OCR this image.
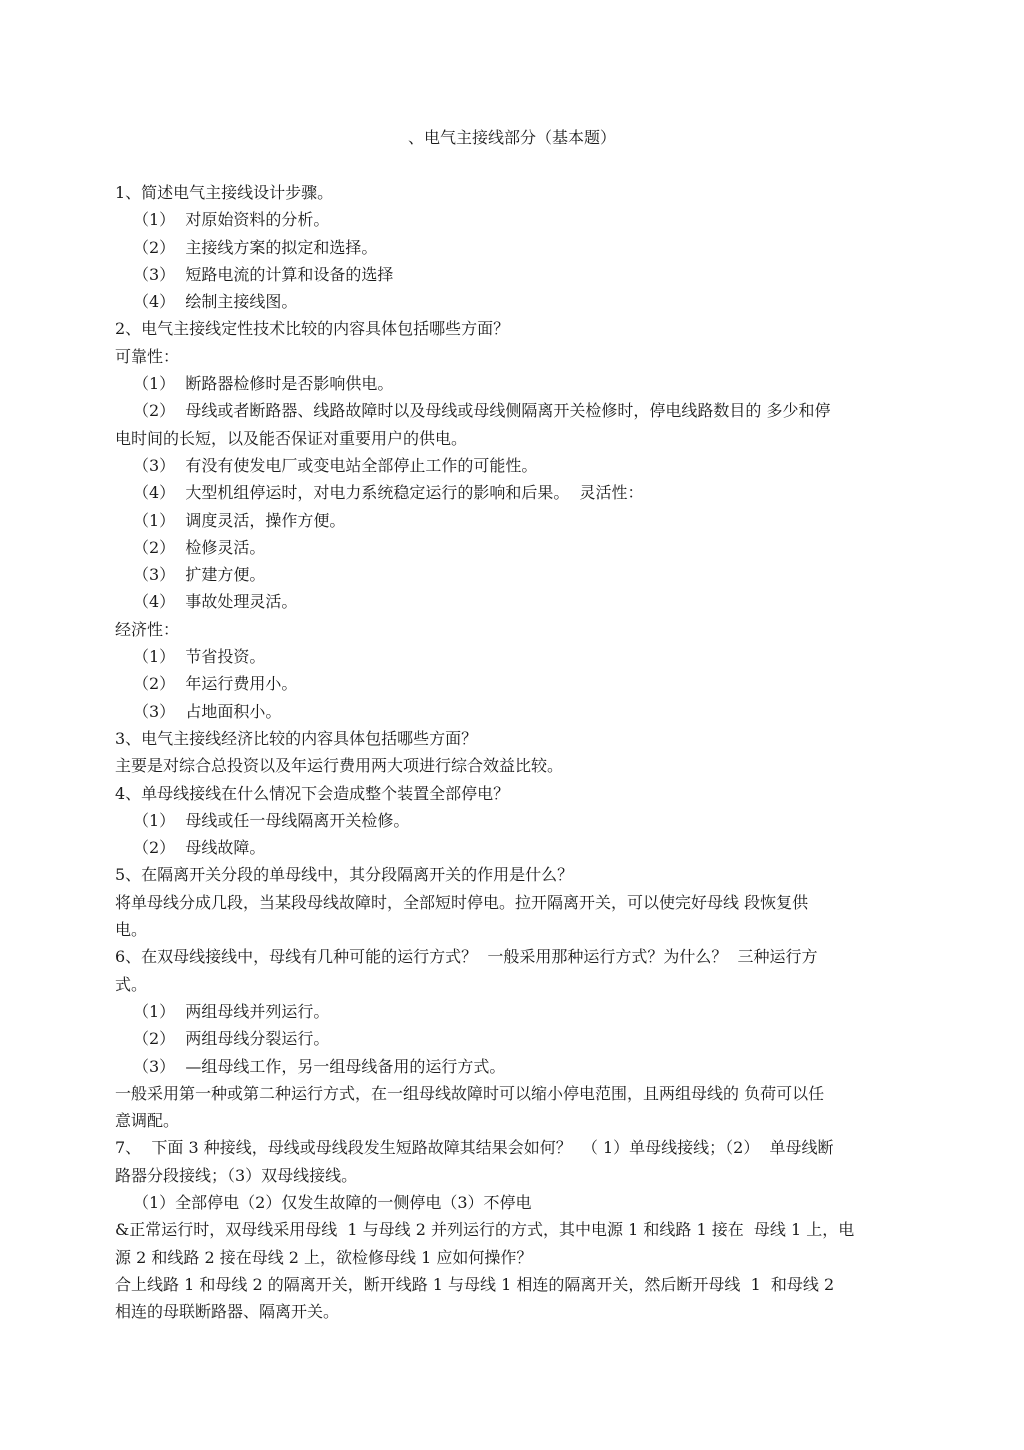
、电气主接线部分（基本题）
1、简述电气主接线设计步骤。
（1）  对原始资料的分析。
（2）  主接线方案的拟定和选择。
（3）  短路电流的计算和设备的选择
（4）  绘制主接线图。
2、电气主接线定性技术比较的内容具体包括哪些方面？
可靠性：
（1）  断路器检修时是否影响供电。
（2）  母线或者断路器、线路故障时以及母线或母线侧隔离开关检修时，停电线路数目的 多少和停
电时间的长短，以及能否保证对重要用户的供电。
（3）  有没有使发电厂或变电站全部停止工作的可能性。
（4）  大型机组停运时，对电力系统稳定运行的影响和后果。  灵活性：
（1）  调度灵活，操作方便。
（2）  检修灵活。
（3）  扩建方便。
（4）  事故处理灵活。
经济性：
（1）  节省投资。
（2）  年运行费用小。
（3）  占地面积小。
3、电气主接线经济比较的内容具体包括哪些方面？
主要是对综合总投资以及年运行费用两大项进行综合效益比较。
4、单母线接线在什么情况下会造成整个装置全部停电？
（1）  母线或任一母线隔离开关检修。
（2）  母线故障。
5、在隔离开关分段的单母线中，其分段隔离开关的作用是什么？
将单母线分成几段，当某段母线故障时，全部短时停电。拉开隔离开关，可以使完好母线 段恢复供
电。
6、在双母线接线中，母线有几种可能的运行方式？  一般采用那种运行方式？为什么？  三种运行方
式。
（1）  两组母线并列运行。
（2）  两组母线分裂运行。
（3）  —组母线工作，另一组母线备用的运行方式。
一般采用第一种或第二种运行方式，在一组母线故障时可以缩小停电范围，且两组母线的 负荷可以任
意调配。
7、  下面 3 种接线，母线或母线段发生短路故障其结果会如何？  （ 1）单母线接线；（2）  单母线断
路器分段接线；（3）双母线接线。
（1）全部停电（2）仅发生故障的一侧停电（3）不停电
&正常运行时，双母线采用母线  1 与母线 2 并列运行的方式，其中电源 1 和线路 1 接在  母线 1 上，电
源 2 和线路 2 接在母线 2 上，欲检修母线 1 应如何操作？
合上线路 1 和母线 2 的隔离开关，断开线路 1 与母线 1 相连的隔离开关，然后断开母线  1  和母线 2
相连的母联断路器、隔离开关。
